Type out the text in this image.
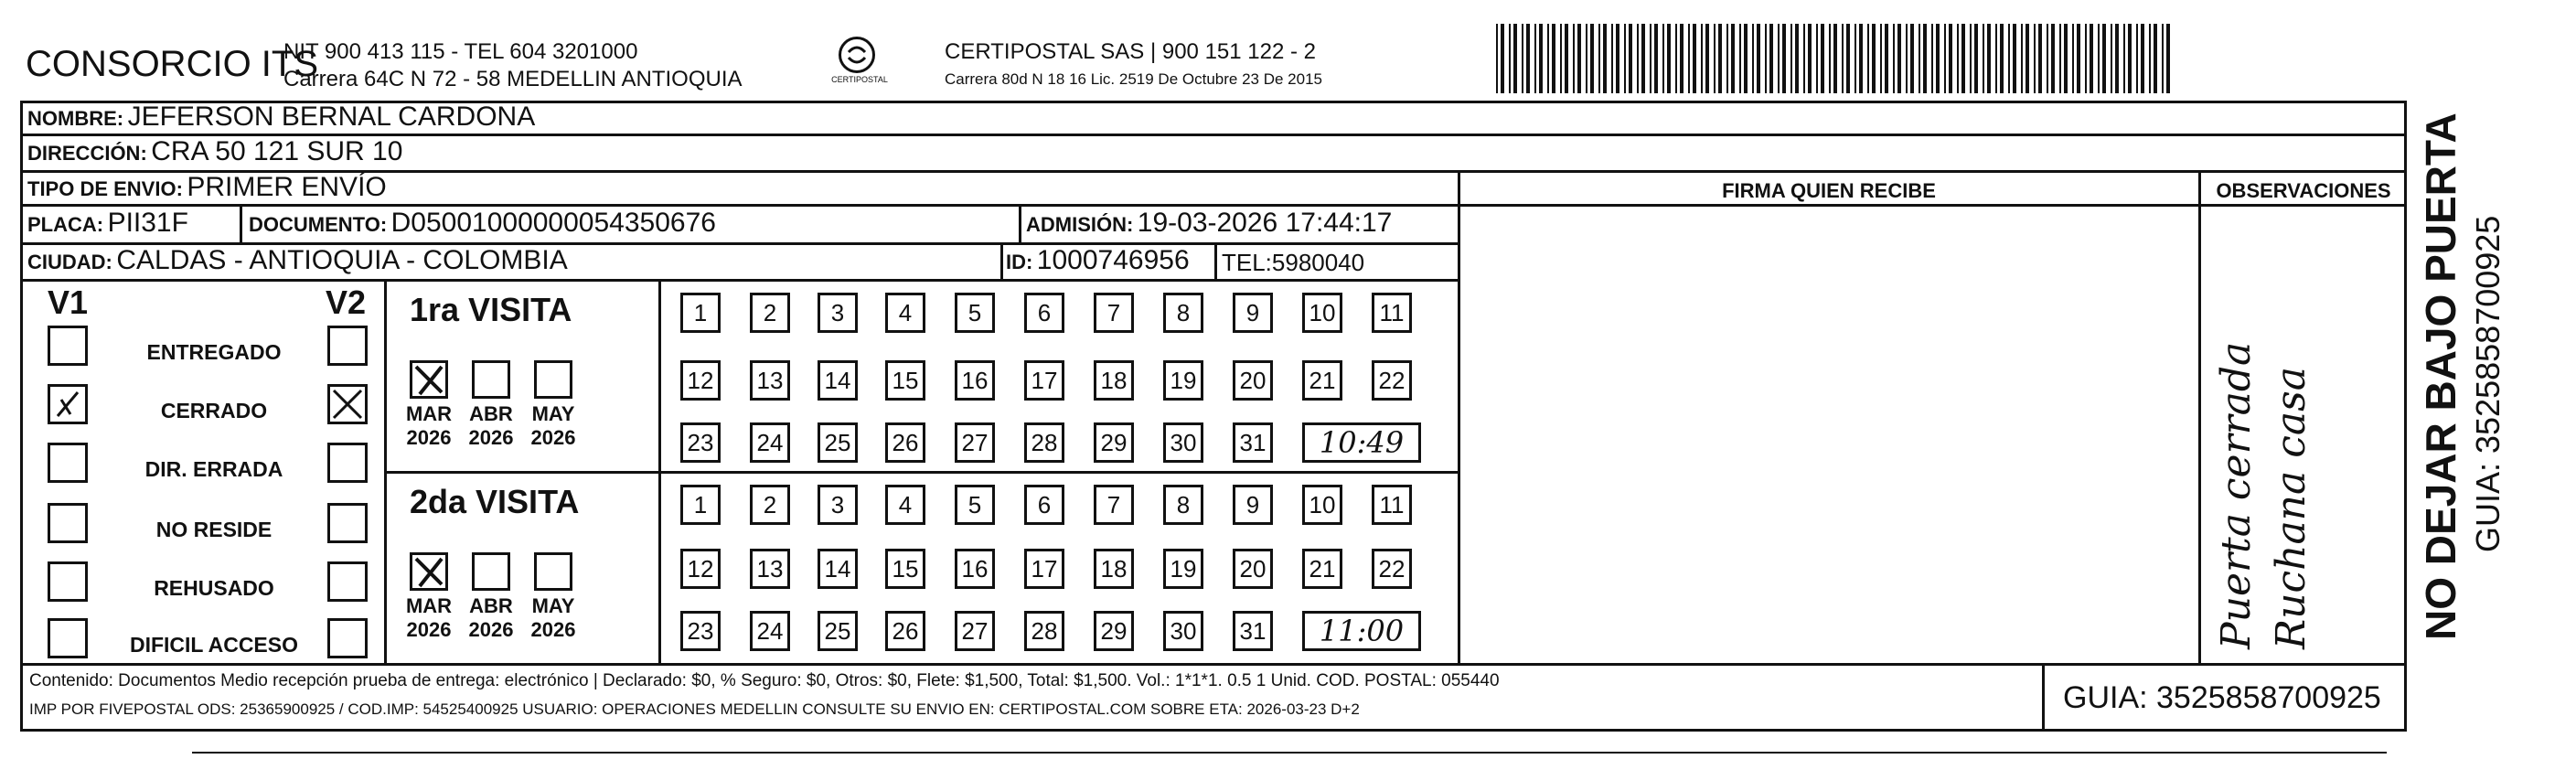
CONSORCIO ITS
NIT 900 413 115 - TEL 604 3201000
Carrera 64C N 72 - 58 MEDELLIN ANTIOQUIA	CERTIPOSTAL
CERTIPOSTAL SAS | 900 151 122 - 2
Carrera 80d N 18 16 Lic. 2519 De Octubre 23 De 2015
NOMBRE: JEFERSON BERNAL CARDONA
DIRECCIÓN: CRA 50 121 SUR 10
TIPO DE ENVIO: PRIMER ENVÍO	FIRMA QUIEN RECIBE	OBSERVACIONES
PLACA: PII31F	DOCUMENTO: D05001000000054350676	ADMISIÓN: 19-03-2026 17:44:17
CIUDAD: CALDAS - ANTIOQUIA - COLOMBIA	ID: 1000746956 TEL:5980040
V1	V2
ENTREGADO
CERRADO
DIR. ERRADA
NO RESIDE
REHUSADO
DIFICIL ACCESO
1ra VISITA
2da VISITA
MAR
2026
ABR
2026
MAY
2026
MAR
2026
ABR
2026
MAY
2026
1	2	3	4	5	6	7	8	9	10	11
12 13 14 15 16 17 18 19 20 21 22
23 24 25 26 27 28 29 30 31	10:49
1	2	3	4	5	6	7	8	9	10	11
12 13 14 15 16 17 18 19 20 21 22
23 24 25 26 27 28 29 30 31	11:00	Puerta cerrada Ruchana casa NO DEJAR BAJO PUERTA GUIA: 3525858700925
Contenido: Documentos Medio recepción prueba de entrega: electrónico | Declarado: $0, % Seguro: $0, Otros: $0, Flete: $1,500, Total: $1,500. Vol.: 1*1*1. 0.5 1 Unid. COD. POSTAL: 055440
IMP POR FIVEPOSTAL ODS: 25365900925 / COD.IMP: 54525400925 USUARIO: OPERACIONES MEDELLIN CONSULTE SU ENVIO EN: CERTIPOSTAL.COM SOBRE ETA: 2026-03-23 D+2	GUIA: 3525858700925
